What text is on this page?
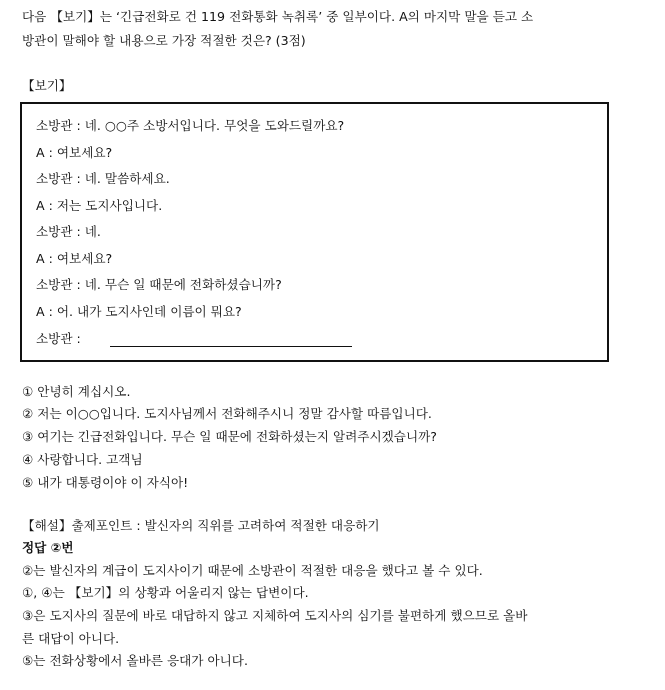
다음 【보기】는 ‘긴급전화로 건 119 전화통화 녹취록’ 중 일부이다. A의 마지막 말을 듣고 소
방관이 말해야 할 내용으로 가장 적절한 것은? (3점)
【보기】
소방관 : 네. ○○주 소방서입니다. 무엇을 도와드릴까요?
A : 여보세요?
소방관 : 네. 말씀하세요.
A : 저는 도지사입니다.
소방관 : 네.
A : 여보세요?
소방관 : 네. 무슨 일 때문에 전화하셨습니까?
A : 어. 내가 도지사인데 이름이 뭐요?
소방관 :
① 안녕히 계십시오.
② 저는 이○○입니다. 도지사님께서 전화해주시니 정말 감사할 따름입니다.
③ 여기는 긴급전화입니다. 무슨 일 때문에 전화하셨는지 알려주시겠습니까?
④ 사랑합니다. 고객님
⑤ 내가 대통령이야 이 자식아!
【해설】출제포인트 : 발신자의 직위를 고려하여 적절한 대응하기
정답 ②번
②는 발신자의 계급이 도지사이기 때문에 소방관이 적절한 대응을 했다고 볼 수 있다.
①, ④는 【보기】의 상황과 어울리지 않는 답변이다.
③은 도지사의 질문에 바로 대답하지 않고 지체하여 도지사의 심기를 불편하게 했으므로 올바
른 대답이 아니다.
⑤는 전화상황에서 올바른 응대가 아니다.
